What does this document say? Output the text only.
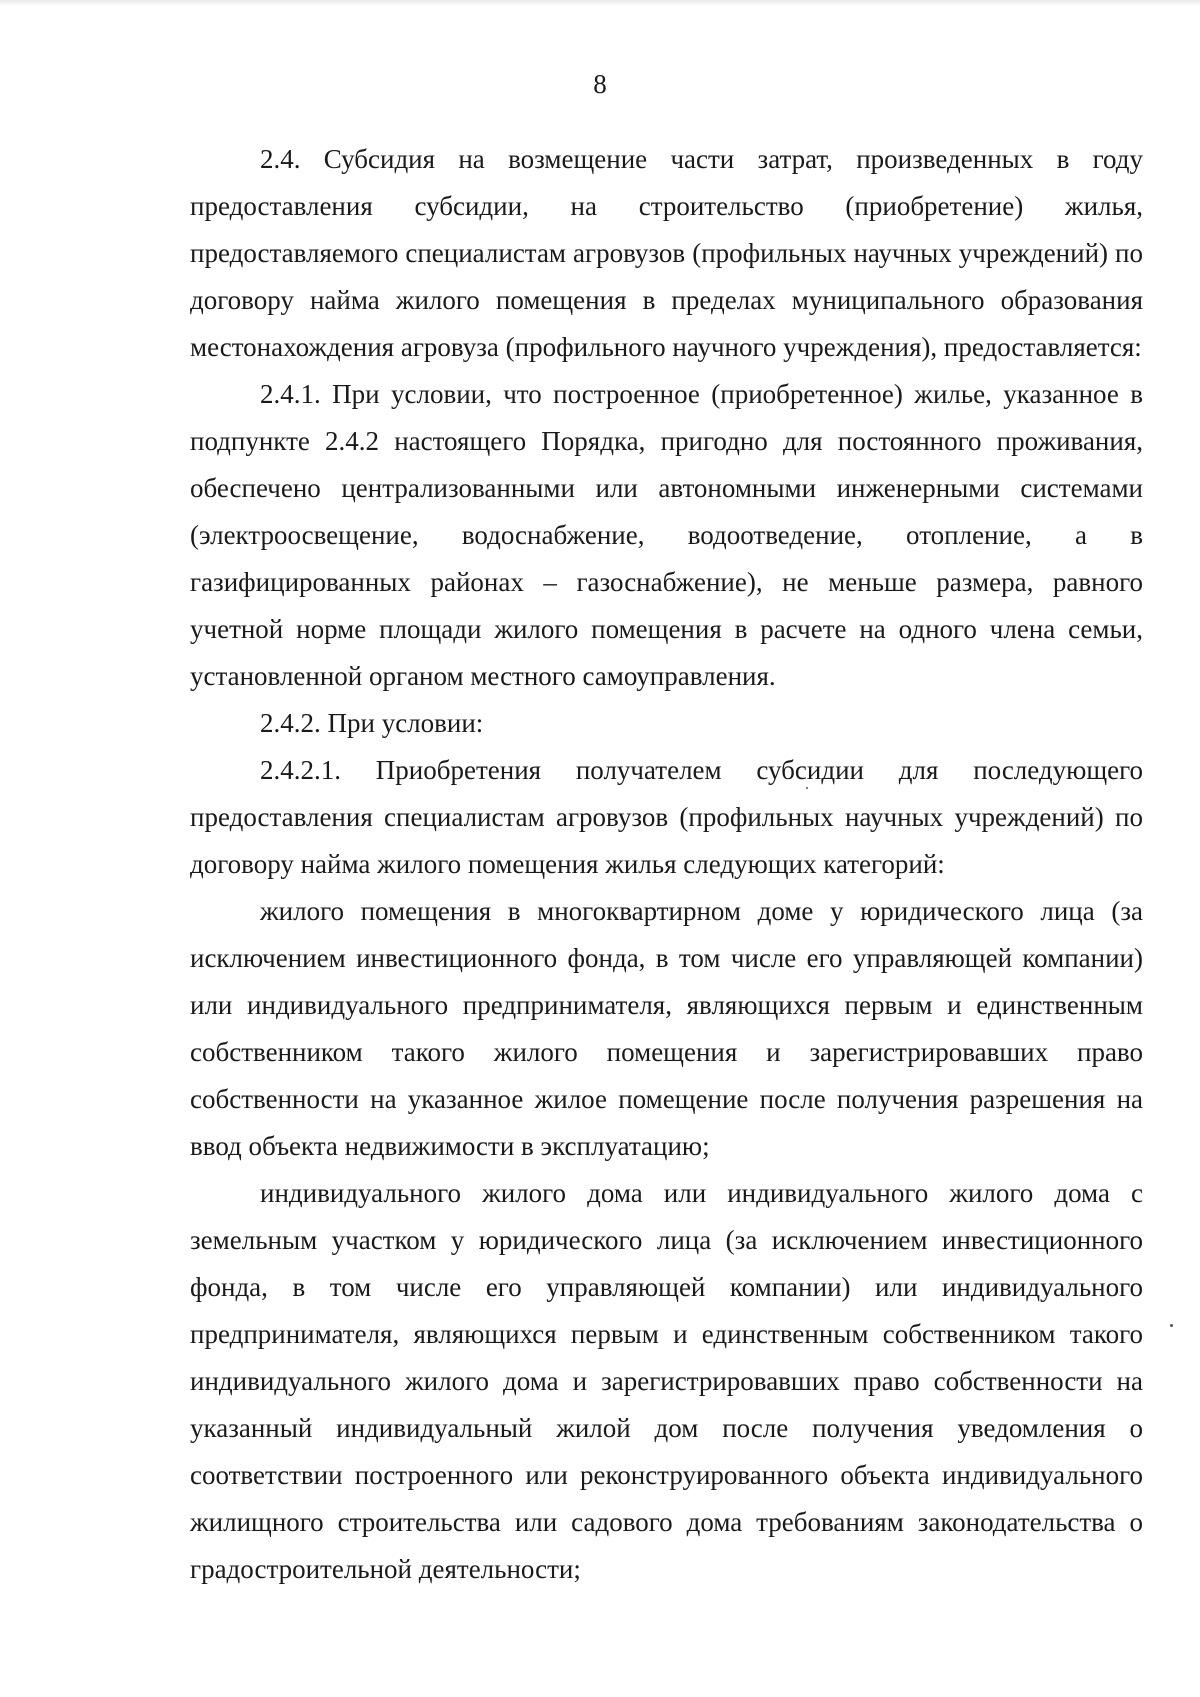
8

2.4. Субсидия на возмещение части затрат, произведенных в году предоставления субсидии, на строительство (приобретение) жилья, предоставляемого специалистам агровузов (профильных научных учреждений) по договору найма жилого помещения в пределах муниципального образования местонахождения агровуза (профильного научного учреждения), предоставляется:

2.4.1. При условии, что построенное (приобретенное) жилье, указанное в подпункте 2.4.2 настоящего Порядка, пригодно для постоянного проживания, обеспечено централизованными или автономными инженерными системами (электроосвещение, водоснабжение, водоотведение, отопление, а в газифицированных районах – газоснабжение), не меньше размера, равного учетной норме площади жилого помещения в расчете на одного члена семьи, установленной органом местного самоуправления.

2.4.2. При условии:

2.4.2.1. Приобретения получателем субсидии для последующего предоставления специалистам агровузов (профильных научных учреждений) по договору найма жилого помещения жилья следующих категорий:

жилого помещения в многоквартирном доме у юридического лица (за исключением инвестиционного фонда, в том числе его управляющей компании) или индивидуального предпринимателя, являющихся первым и единственным собственником такого жилого помещения и зарегистрировавших право собственности на указанное жилое помещение после получения разрешения на ввод объекта недвижимости в эксплуатацию;

индивидуального жилого дома или индивидуального жилого дома с земельным участком у юридического лица (за исключением инвестиционного фонда, в том числе его управляющей компании) или индивидуального предпринимателя, являющихся первым и единственным собственником такого индивидуального жилого дома и зарегистрировавших право собственности на указанный индивидуальный жилой дом после получения уведомления о соответствии построенного или реконструированного объекта индивидуального жилищного строительства или садового дома требованиям законодательства о градостроительной деятельности;
